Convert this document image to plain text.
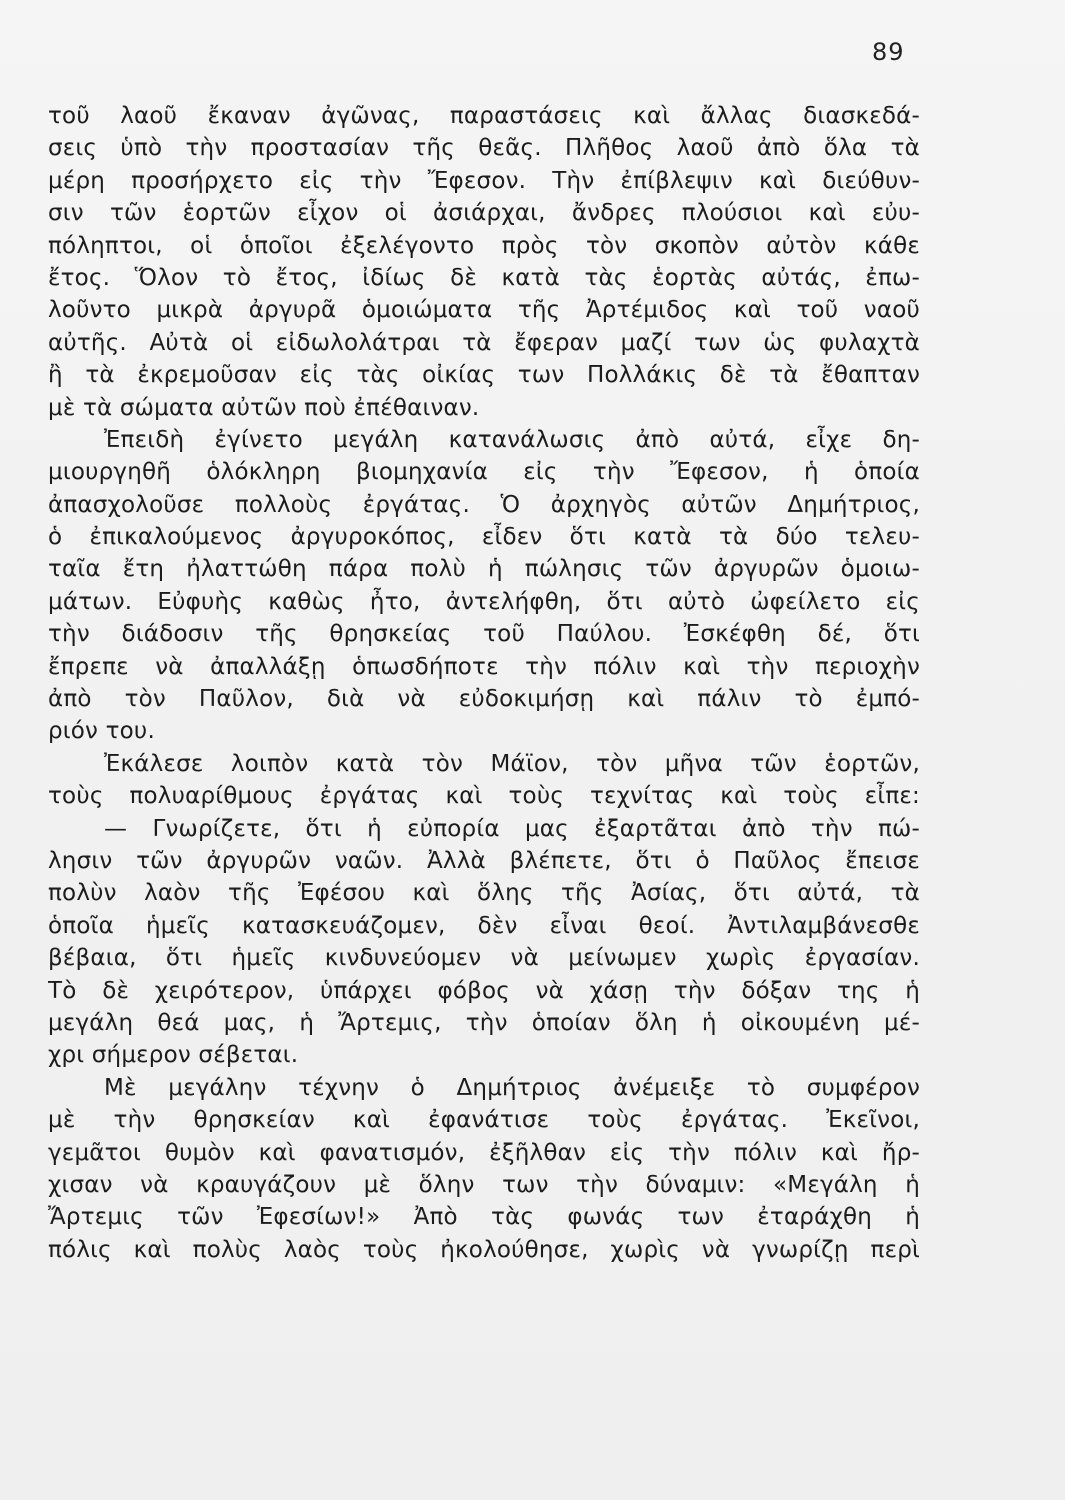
89
τοῦ λαοῦ ἔκαναν ἀγῶνας, παραστάσεις καὶ ἄλλας διασκεδά-
σεις ὑπὸ τὴν προστασίαν τῆς θεᾶς. Πλῆθος λαοῦ ἀπὸ ὅλα τὰ
μέρη προσήρχετο εἰς τὴν Ἔφεσον. Τὴν ἐπίβλεψιν καὶ διεύθυν-
σιν τῶν ἑορτῶν εἶχον οἱ ἀσιάρχαι, ἄνδρες πλούσιοι καὶ εὐυ-
πόληπτοι, οἱ ὁποῖοι ἐξελέγοντο πρὸς τὸν σκοπὸν αὐτὸν κάθε
ἔτος. Ὅλον τὸ ἔτος, ἰδίως δὲ κατὰ τὰς ἑορτὰς αὐτάς, ἐπω-
λοῦντο μικρὰ ἀργυρᾶ ὁμοιώματα τῆς Ἀρτέμιδος καὶ τοῦ ναοῦ
αὐτῆς. Αὐτὰ οἱ εἰδωλολάτραι τὰ ἔφεραν μαζί των ὡς φυλαχτὰ
ἢ τὰ ἐκρεμοῦσαν εἰς τὰς οἰκίας των Πολλάκις δὲ τὰ ἔθαπταν
μὲ τὰ σώματα αὐτῶν ποὺ ἐπέθαιναν.
Ἐπειδὴ ἐγίνετο μεγάλη κατανάλωσις ἀπὸ αὐτά, εἶχε δη-
μιουργηθῆ ὁλόκληρη βιομηχανία εἰς τὴν Ἔφεσον, ἡ ὁποία
ἀπασχολοῦσε πολλοὺς ἐργάτας. Ὁ ἀρχηγὸς αὐτῶν Δημήτριος,
ὁ ἐπικαλούμενος ἀργυροκόπος, εἶδεν ὅτι κατὰ τὰ δύο τελευ-
ταῖα ἔτη ἠλαττώθη πάρα πολὺ ἡ πώλησις τῶν ἀργυρῶν ὁμοιω-
μάτων. Εὐφυὴς καθὼς ἦτο, ἀντελήφθη, ὅτι αὐτὸ ὠφείλετο εἰς
τὴν διάδοσιν τῆς θρησκείας τοῦ Παύλου. Ἐσκέφθη δέ, ὅτι
ἔπρεπε νὰ ἀπαλλάξῃ ὁπωσδήποτε τὴν πόλιν καὶ τὴν περιοχὴν
ἀπὸ τὸν Παῦλον, διὰ νὰ εὐδοκιμήσῃ καὶ πάλιν τὸ ἐμπό-
ριόν του.
Ἐκάλεσε λοιπὸν κατὰ τὸν Μάϊον, τὸν μῆνα τῶν ἑορτῶν,
τοὺς πολυαρίθμους ἐργάτας καὶ τοὺς τεχνίτας καὶ τοὺς εἶπε:
— Γνωρίζετε, ὅτι ἡ εὐπορία μας ἐξαρτᾶται ἀπὸ τὴν πώ-
λησιν τῶν ἀργυρῶν ναῶν. Ἀλλὰ βλέπετε, ὅτι ὁ Παῦλος ἔπεισε
πολὺν λαὸν τῆς Ἐφέσου καὶ ὅλης τῆς Ἀσίας, ὅτι αὐτά, τὰ
ὁποῖα ἡμεῖς κατασκευάζομεν, δὲν εἶναι θεοί. Ἀντιλαμβάνεσθε
βέβαια, ὅτι ἡμεῖς κινδυνεύομεν νὰ μείνωμεν χωρὶς ἐργασίαν.
Τὸ δὲ χειρότερον, ὑπάρχει φόβος νὰ χάσῃ τὴν δόξαν της ἡ
μεγάλη θεά μας, ἡ Ἄρτεμις, τὴν ὁποίαν ὅλη ἡ οἰκουμένη μέ-
χρι σήμερον σέβεται.
Μὲ μεγάλην τέχνην ὁ Δημήτριος ἀνέμειξε τὸ συμφέρον
μὲ τὴν θρησκείαν καὶ ἐφανάτισε τοὺς ἐργάτας. Ἐκεῖνοι,
γεμᾶτοι θυμὸν καὶ φανατισμόν, ἐξῆλθαν εἰς τὴν πόλιν καὶ ἤρ-
χισαν νὰ κραυγάζουν μὲ ὅλην των τὴν δύναμιν: «Μεγάλη ἡ
Ἄρτεμις τῶν Ἐφεσίων!» Ἀπὸ τὰς φωνάς των ἐταράχθη ἡ
πόλις καὶ πολὺς λαὸς τοὺς ἠκολούθησε, χωρὶς νὰ γνωρίζῃ περὶ
